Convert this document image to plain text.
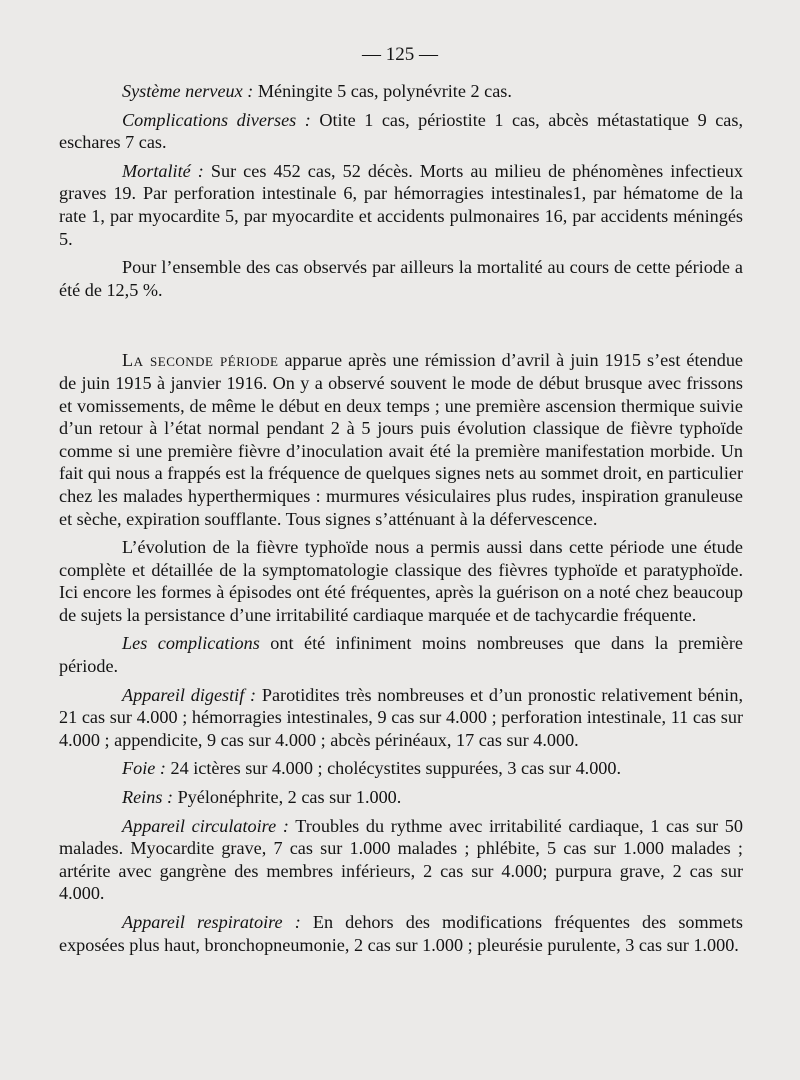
— 125 —

Système nerveux : Méningite 5 cas, polynévrite 2 cas.

Complications diverses : Otite 1 cas, périostite 1 cas, abcès métastatique 9 cas, eschares 7 cas.

Mortalité : Sur ces 452 cas, 52 décès. Morts au milieu de phénomènes infectieux graves 19. Par perforation intestinale 6, par hémorragies intestinales1, par hématome de la rate 1, par myocardite 5, par myocardite et accidents pulmonaires 16, par accidents méningés 5.

Pour l’ensemble des cas observés par ailleurs la mortalité au cours de cette période a été de 12,5 %.

La seconde période apparue après une rémission d’avril à juin 1915 s’est étendue de juin 1915 à janvier 1916. On y a observé souvent le mode de début brusque avec frissons et vomissements, de même le début en deux temps ; une première ascension thermique suivie d’un retour à l’état normal pendant 2 à 5 jours puis évolution classique de fièvre typhoïde comme si une première fièvre d’inoculation avait été la première manifestation morbide. Un fait qui nous a frappés est la fréquence de quelques signes nets au sommet droit, en particulier chez les malades hyperthermiques : murmures vésiculaires plus rudes, inspiration granuleuse et sèche, expiration soufflante. Tous signes s’atténuant à la défervescence.

L’évolution de la fièvre typhoïde nous a permis aussi dans cette période une étude complète et détaillée de la symptomatologie classique des fièvres typhoïde et paratyphoïde. Ici encore les formes à épisodes ont été fréquentes, après la guérison on a noté chez beaucoup de sujets la persistance d’une irritabilité cardiaque marquée et de tachycardie fréquente.

Les complications ont été infiniment moins nombreuses que dans la première période.

Appareil digestif : Parotidites très nombreuses et d’un pronostic relativement bénin, 21 cas sur 4.000 ; hémorragies intestinales, 9 cas sur 4.000 ; perforation intestinale, 11 cas sur 4.000 ; appendicite, 9 cas sur 4.000 ; abcès périnéaux, 17 cas sur 4.000.

Foie : 24 ictères sur 4.000 ; cholécystites suppurées, 3 cas sur 4.000.

Reins : Pyélonéphrite, 2 cas sur 1.000.

Appareil circulatoire : Troubles du rythme avec irritabilité cardiaque, 1 cas sur 50 malades. Myocardite grave, 7 cas sur 1.000 malades ; phlébite, 5 cas sur 1.000 malades ; artérite avec gangrène des membres inférieurs, 2 cas sur 4.000; purpura grave, 2 cas sur 4.000.

Appareil respiratoire : En dehors des modifications fréquentes des sommets exposées plus haut, bronchopneumonie, 2 cas sur 1.000 ; pleurésie purulente, 3 cas sur 1.000.
